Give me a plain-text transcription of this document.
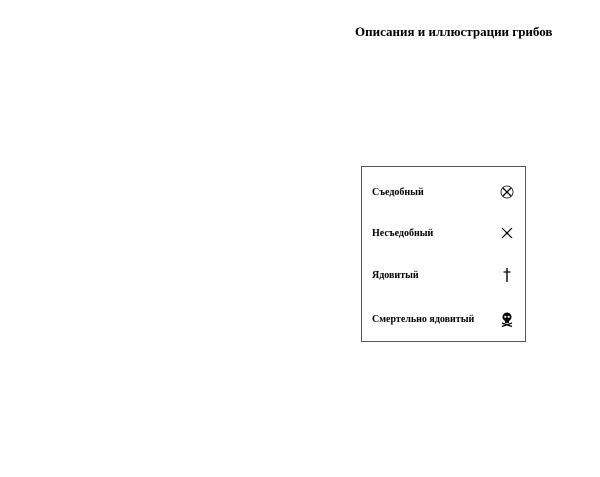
Описания и иллюстрации грибов
Съедобный
Несъедобный
Ядовитый
Смертельно ядовитый
